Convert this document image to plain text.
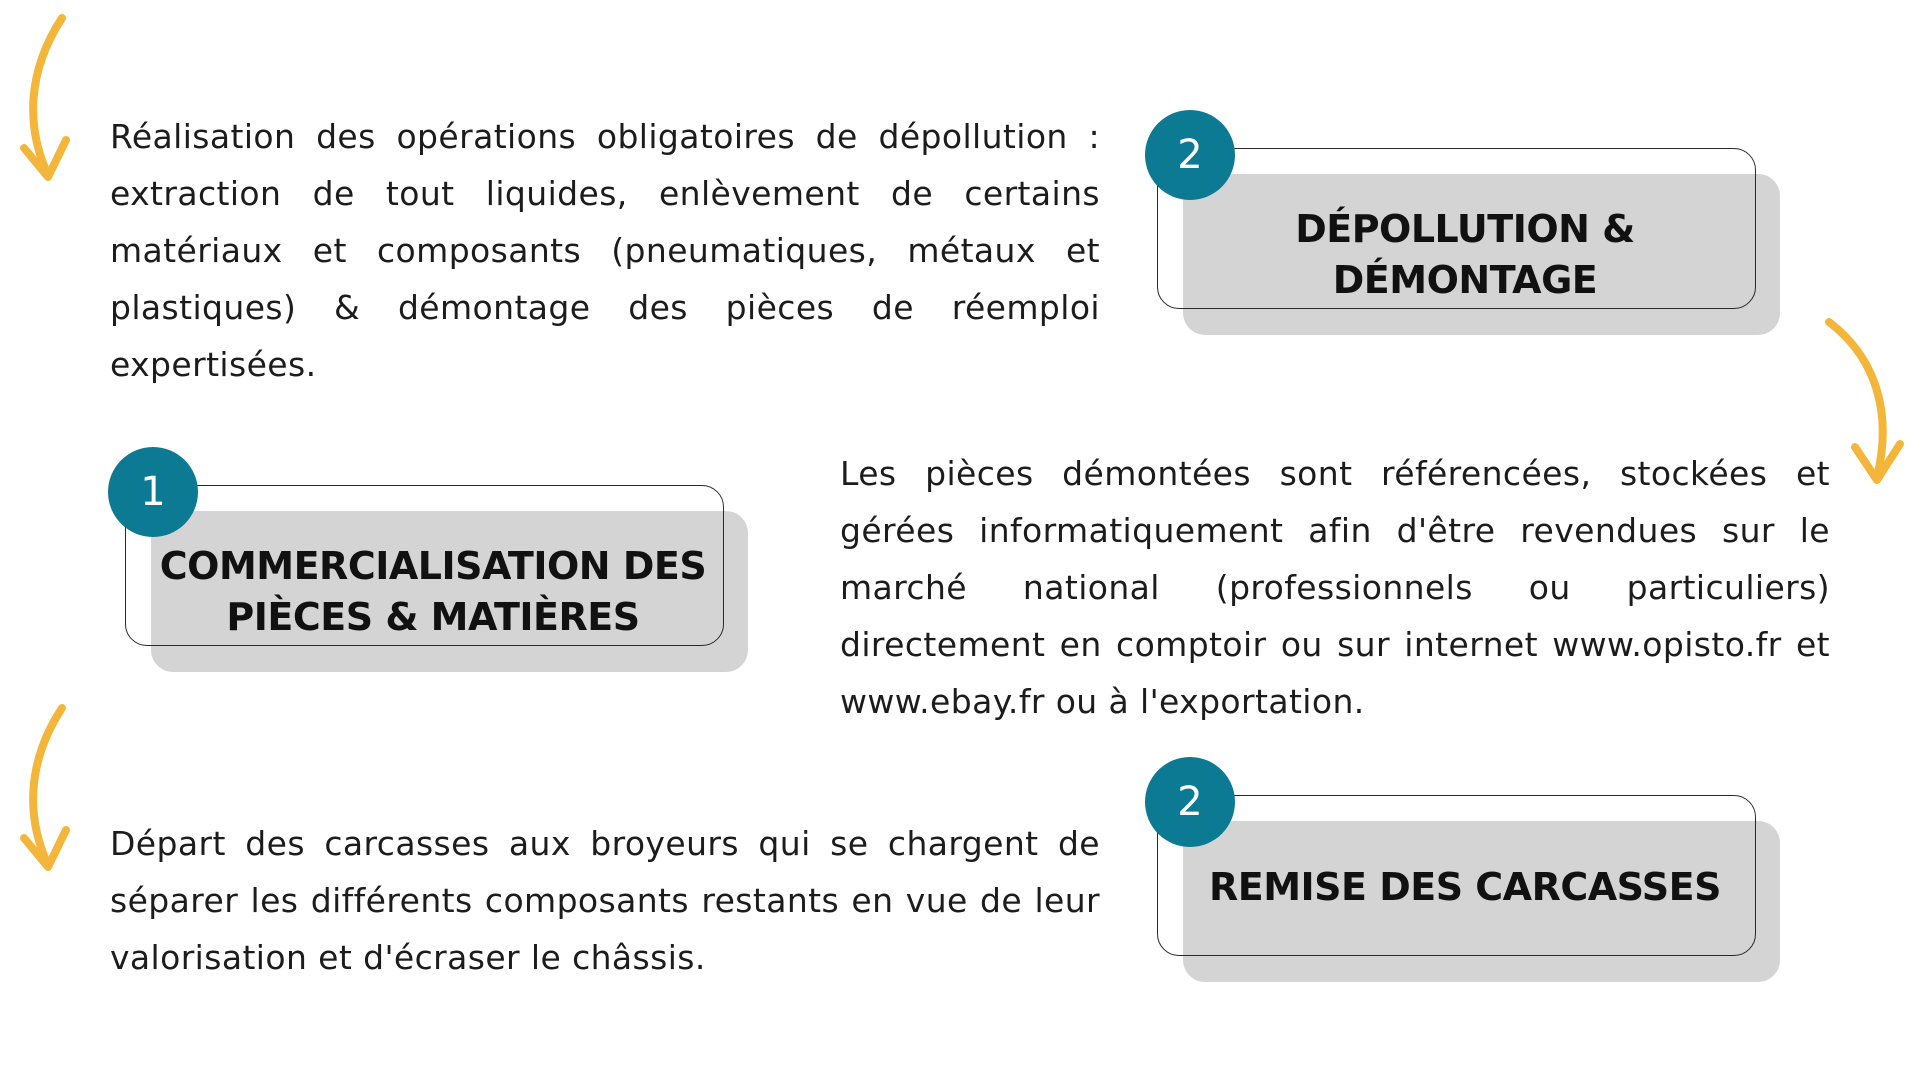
Réalisation des opérations obligatoires de dépollution : extraction de tout liquides, enlèvement de certains matériaux et composants (pneumatiques, métaux et plastiques) & démontage des pièces de réemploi expertisées.

DÉPOLLUTION & DÉMONTAGE
2
COMMERCIALISATION DES PIÈCES & MATIÈRES
1	Les pièces démontées sont référencées, stockées et gérées informatiquement afin d'être revendues sur le marché national (professionnels ou particuliers) directement en comptoir ou sur internet www.opisto.fr et www.ebay.fr ou à l'exportation.

Départ des carcasses aux broyeurs qui se chargent de séparer les différents composants restants en vue de leur valorisation et d'écraser le châssis.

REMISE DES CARCASSES
2
